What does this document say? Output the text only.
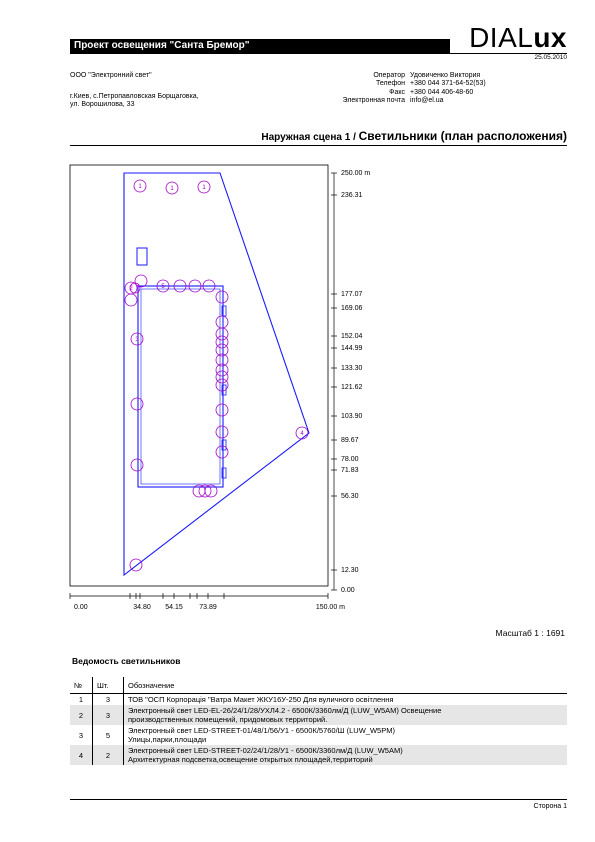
Проект освещения "Санта Бремор"	DIALux
25.05.2010
ООО "Электронний свет"
г.Киев, с.Петропавловская Борщаговка,
ул. Ворошилова, 33
Оператор Удовиченко Виктория
Телефон +380 044 371-64-52(53)
Факс +380 044 406-48-60
Электронная почта info@el.ua
Наружная сцена 1 / Светильники (план расположения)
1	1	1
2
3
4
5
250.00 m
236.31
177.07
169.06
152.04
144.99
133.30
121.62
103.90
89.67
78.00
71.83
56.30
12.30
0.00
0.00	34.80 54.15 73.89	150.00 m
Масштаб 1 : 1691
Ведомость светильников
№	Шт.	Обозначение
1	3	ТОВ "ОСП Корпорація "Ватра Макет ЖКУ16У-250 Для вуличного освітлення

2	3	Электронный свет LED-EL-26/24/1/28/УХЛ4.2 - 6500К/3360лм/Д (LUW_W5AM) Освещение
производственных помещений, придомовых территорий.

3	5	Электронный свет LED-STREET-01/48/1/56/У1 - 6500К/5760/Ш (LUW_W5PM)
Улицы,парки,площади

4	2	Электронный свет LED-STREET-02/24/1/28/У1 - 6500К/3360лм/Д (LUW_W5AM)
Архитектурная подсветка,освещение открытых площадей,территорий
Сторона 1
